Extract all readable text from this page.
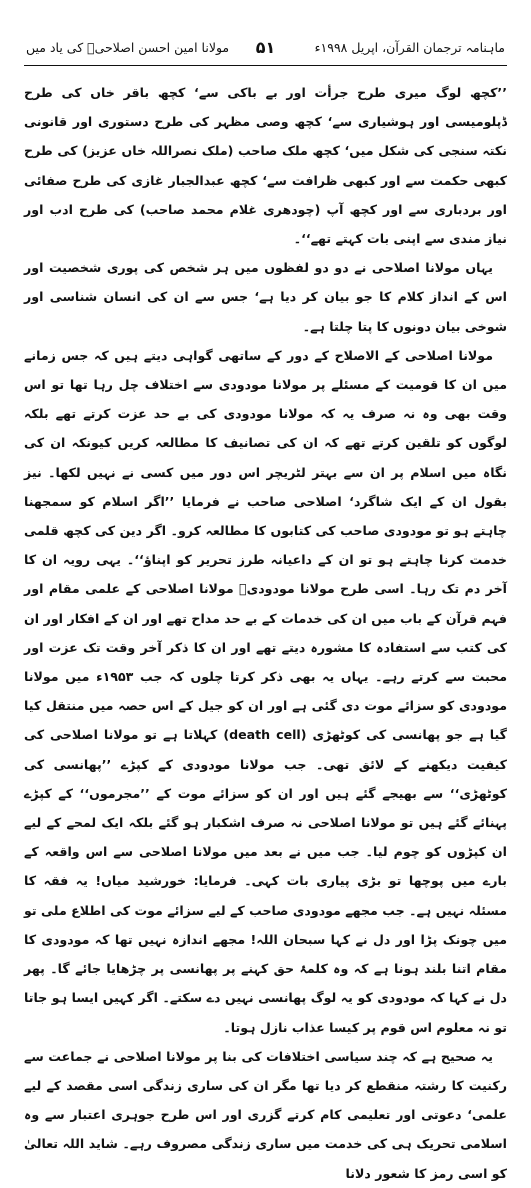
ماہنامہ ترجمان القرآن، اپریل ۱۹۹۸ء
۵۱
مولانا امین احسن اصلاحیؒ کی یاد میں

’’کچھ لوگ میری طرح جرأت اور بے باکی سے‘ کچھ باقر خاں کی طرح ڈپلومیسی اور ہوشیاری سے‘ کچھ وصی مظہر کی طرح دستوری اور قانونی نکتہ سنجی کی شکل میں‘ کچھ ملک صاحب (ملک نصراللہ خاں عزیز) کی طرح کبھی حکمت سے اور کبھی ظرافت سے‘ کچھ عبدالجبار غازی کی طرح صفائی اور بردباری سے اور کچھ آپ (چودھری غلام محمد صاحب) کی طرح ادب اور نیاز مندی سے اپنی بات کہتے تھے‘‘۔

یہاں مولانا اصلاحی نے دو دو لفظوں میں ہر شخص کی پوری شخصیت اور اس کے انداز کلام کا جو بیان کر دیا ہے‘ جس سے ان کی انسان شناسی اور شوخی بیان دونوں کا پتا چلتا ہے۔

مولانا اصلاحی کے الاصلاح کے دور کے ساتھی گواہی دیتے ہیں کہ جس زمانے میں ان کا قومیت کے مسئلے پر مولانا مودودی سے اختلاف چل رہا تھا تو اس وقت بھی وہ نہ صرف یہ کہ مولانا مودودی کی بے حد عزت کرتے تھے بلکہ لوگوں کو تلقین کرتے تھے کہ ان کی تصانیف کا مطالعہ کریں کیونکہ ان کی نگاہ میں اسلام پر ان سے بہتر لٹریچر اس دور میں کسی نے نہیں لکھا۔ نیز بقول ان کے ایک شاگرد‘ اصلاحی صاحب نے فرمایا ’’اگر اسلام کو سمجھنا چاہتے ہو تو مودودی صاحب کی کتابوں کا مطالعہ کرو۔ اگر دین کی کچھ قلمی خدمت کرنا چاہتے ہو تو ان کے داعیانہ طرز تحریر کو اپناؤ‘‘۔ یہی رویہ ان کا آخر دم تک رہا۔ اسی طرح مولانا مودودیؒ مولانا اصلاحی کے علمی مقام اور فہم قرآن کے باب میں ان کی خدمات کے بے حد مداح تھے اور ان کے افکار اور ان کی کتب سے استفادہ کا مشورہ دیتے تھے اور ان کا ذکر آخر وقت تک عزت اور محبت سے کرتے رہے۔ یہاں یہ بھی ذکر کرتا چلوں کہ جب ۱۹۵۳ء میں مولانا مودودی کو سزائے موت دی گئی ہے اور ان کو جیل کے اس حصہ میں منتقل کیا گیا ہے جو پھانسی کی کوٹھڑی (death cell) کہلاتا ہے تو مولانا اصلاحی کی کیفیت دیکھنے کے لائق تھی۔ جب مولانا مودودی کے کپڑے ’’پھانسی کی کوٹھڑی‘‘ سے بھیجے گئے ہیں اور ان کو سزائے موت کے ’’مجرموں‘‘ کے کپڑے پہنائے گئے ہیں تو مولانا اصلاحی نہ صرف اشکبار ہو گئے بلکہ ایک لمحے کے لیے ان کپڑوں کو چوم لیا۔ جب میں نے بعد میں مولانا اصلاحی سے اس واقعہ کے بارے میں پوچھا تو بڑی پیاری بات کہی۔ فرمایا: خورشید میاں! یہ فقہ کا مسئلہ نہیں ہے۔ جب مجھے مودودی صاحب کے لیے سزائے موت کی اطلاع ملی تو میں چونک پڑا اور دل نے کہا سبحان اللہ! مجھے اندازہ نہیں تھا کہ مودودی کا مقام اتنا بلند ہونا ہے کہ وہ کلمۂ حق کہنے پر پھانسی پر چڑھایا جائے گا۔ پھر دل نے کہا کہ مودودی کو یہ لوگ پھانسی نہیں دے سکتے۔ اگر کہیں ایسا ہو جاتا تو نہ معلوم اس قوم پر کیسا عذاب نازل ہوتا۔

یہ صحیح ہے کہ چند سیاسی اختلافات کی بنا پر مولانا اصلاحی نے جماعت سے رکنیت کا رشتہ منقطع کر دیا تھا مگر ان کی ساری زندگی اسی مقصد کے لیے علمی‘ دعوتی اور تعلیمی کام کرتے گزری اور اس طرح جوہری اعتبار سے وہ اسلامی تحریک ہی کی خدمت میں ساری زندگی مصروف رہے۔ شاید اللہ تعالیٰ کو اسی رمز کا شعور دلانا
